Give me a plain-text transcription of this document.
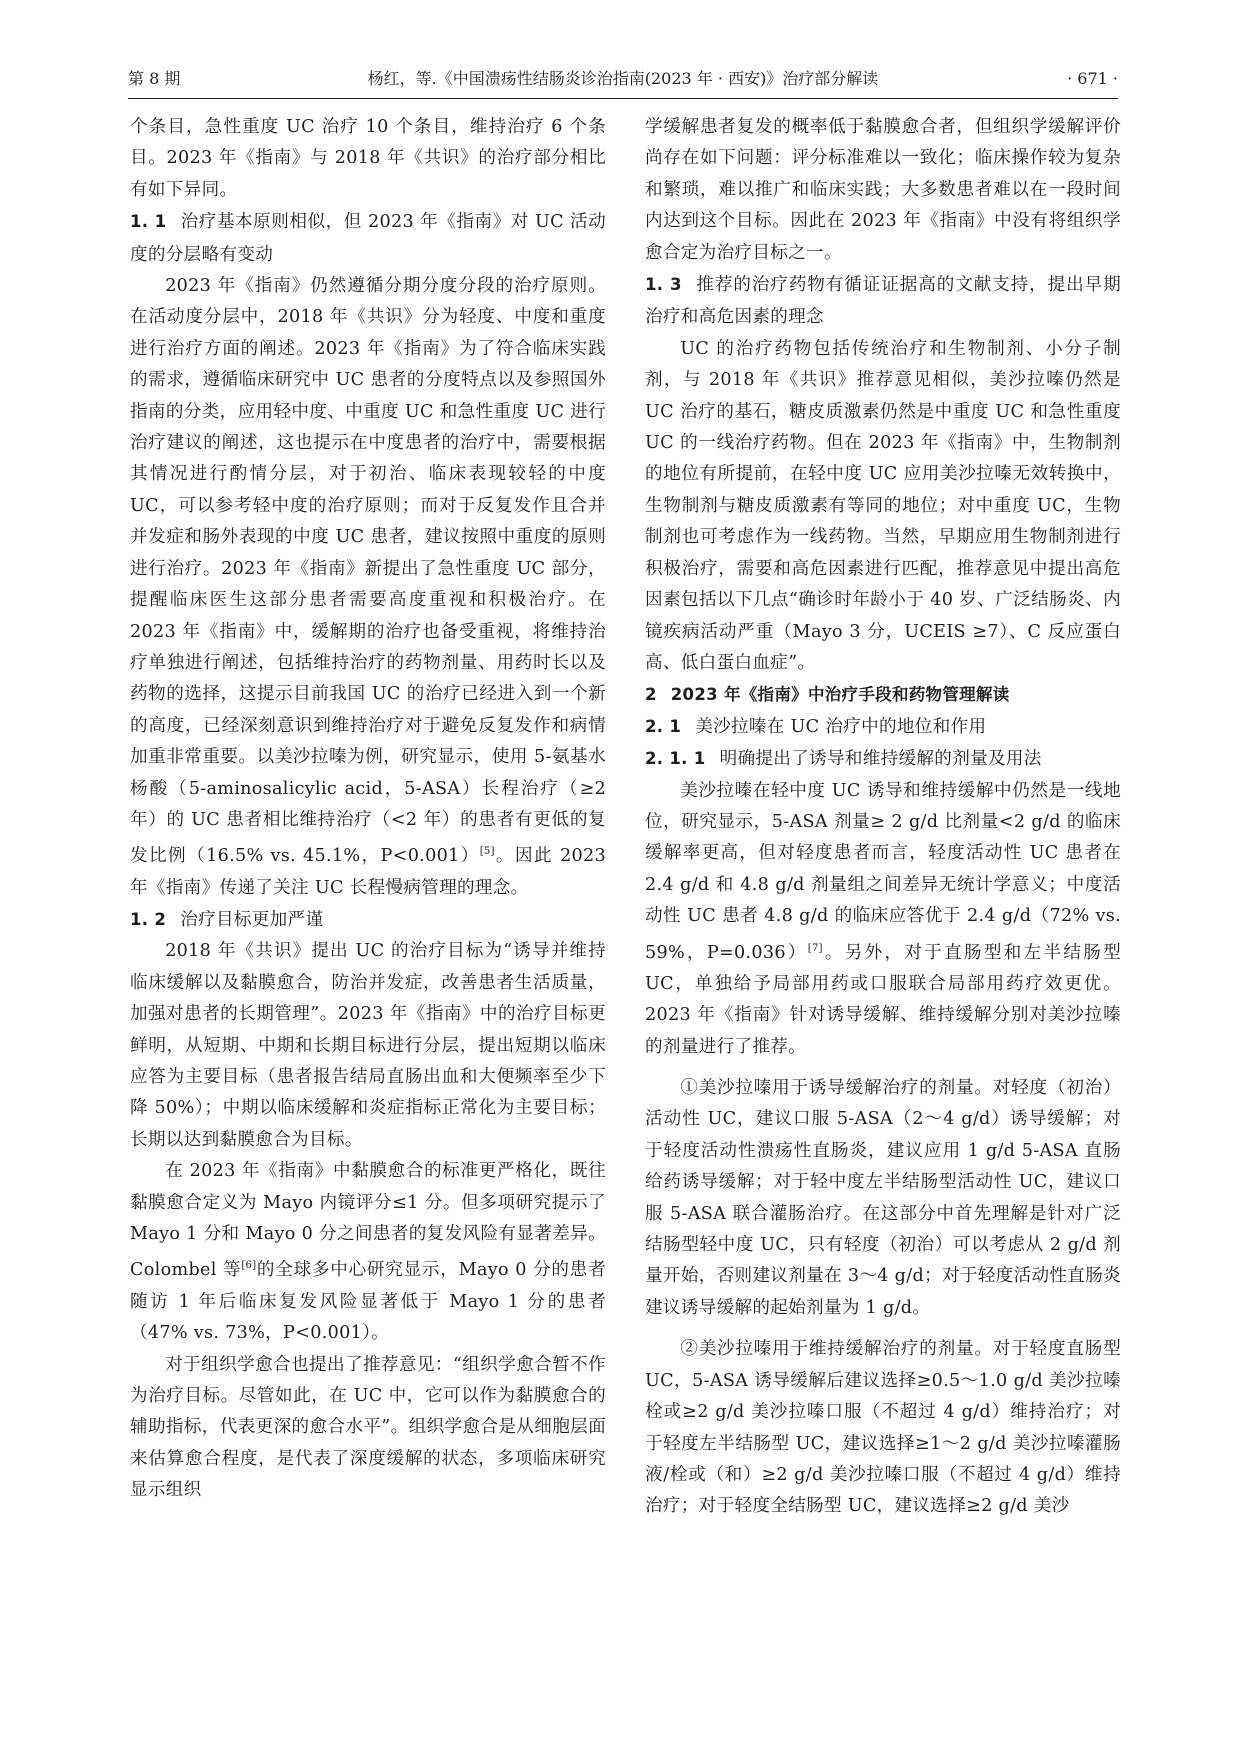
第 8 期	杨红，等.《中国溃疡性结肠炎诊治指南(2023 年 · 西安)》治疗部分解读	· 671 ·

个条目，急性重度 UC 治疗 10 个条目，维持治疗 6 个条目。2023 年《指南》与 2018 年《共识》的治疗部分相比有如下异同。

1. 1 治疗基本原则相似，但 2023 年《指南》对 UC 活动度的分层略有变动

2023 年《指南》仍然遵循分期分度分段的治疗原则。在活动度分层中，2018 年《共识》分为轻度、中度和重度进行治疗方面的阐述。2023 年《指南》为了符合临床实践的需求，遵循临床研究中 UC 患者的分度特点以及参照国外指南的分类，应用轻中度、中重度 UC 和急性重度 UC 进行治疗建议的阐述，这也提示在中度患者的治疗中，需要根据其情况进行酌情分层，对于初治、临床表现较轻的中度 UC，可以参考轻中度的治疗原则；而对于反复发作且合并并发症和肠外表现的中度 UC 患者，建议按照中重度的原则进行治疗。2023 年《指南》新提出了急性重度 UC 部分，提醒临床医生这部分患者需要高度重视和积极治疗。在 2023 年《指南》中，缓解期的治疗也备受重视，将维持治疗单独进行阐述，包括维持治疗的药物剂量、用药时长以及药物的选择，这提示目前我国 UC 的治疗已经进入到一个新的高度，已经深刻意识到维持治疗对于避免反复发作和病情加重非常重要。以美沙拉嗪为例，研究显示，使用 5-氨基水杨酸（5-aminosalicylic acid，5-ASA）长程治疗（≥2 年）的 UC 患者相比维持治疗（<2 年）的患者有更低的复发比例（16.5% vs. 45.1%，P<0.001）[5]。因此 2023 年《指南》传递了关注 UC 长程慢病管理的理念。

1. 2 治疗目标更加严谨

2018 年《共识》提出 UC 的治疗目标为“诱导并维持临床缓解以及黏膜愈合，防治并发症，改善患者生活质量，加强对患者的长期管理”。2023 年《指南》中的治疗目标更鲜明，从短期、中期和长期目标进行分层，提出短期以临床应答为主要目标（患者报告结局直肠出血和大便频率至少下降 50%）；中期以临床缓解和炎症指标正常化为主要目标；长期以达到黏膜愈合为目标。

在 2023 年《指南》中黏膜愈合的标准更严格化，既往黏膜愈合定义为 Mayo 内镜评分≤1 分。但多项研究提示了 Mayo 1 分和 Mayo 0 分之间患者的复发风险有显著差异。Colombel 等[6]的全球多中心研究显示，Mayo 0 分的患者随访 1 年后临床复发风险显著低于 Mayo 1 分的患者（47% vs. 73%，P<0.001）。

对于组织学愈合也提出了推荐意见：“组织学愈合暂不作为治疗目标。尽管如此，在 UC 中，它可以作为黏膜愈合的辅助指标，代表更深的愈合水平”。组织学愈合是从细胞层面来估算愈合程度，是代表了深度缓解的状态，多项临床研究显示组织

学缓解患者复发的概率低于黏膜愈合者，但组织学缓解评价尚存在如下问题：评分标准难以一致化；临床操作较为复杂和繁琐，难以推广和临床实践；大多数患者难以在一段时间内达到这个目标。因此在 2023 年《指南》中没有将组织学愈合定为治疗目标之一。

1. 3 推荐的治疗药物有循证证据高的文献支持，提出早期治疗和高危因素的理念

UC 的治疗药物包括传统治疗和生物制剂、小分子制剂，与 2018 年《共识》推荐意见相似，美沙拉嗪仍然是 UC 治疗的基石，糖皮质激素仍然是中重度 UC 和急性重度 UC 的一线治疗药物。但在 2023 年《指南》中，生物制剂的地位有所提前，在轻中度 UC 应用美沙拉嗪无效转换中，生物制剂与糖皮质激素有等同的地位；对中重度 UC，生物制剂也可考虑作为一线药物。当然，早期应用生物制剂进行积极治疗，需要和高危因素进行匹配，推荐意见中提出高危因素包括以下几点“确诊时年龄小于 40 岁、广泛结肠炎、内镜疾病活动严重（Mayo 3 分，UCEIS ≥7）、C 反应蛋白高、低白蛋白血症”。

2 2023 年《指南》中治疗手段和药物管理解读
2. 1 美沙拉嗪在 UC 治疗中的地位和作用
2. 1. 1 明确提出了诱导和维持缓解的剂量及用法

美沙拉嗪在轻中度 UC 诱导和维持缓解中仍然是一线地位，研究显示，5-ASA 剂量≥ 2 g/d 比剂量<2 g/d 的临床缓解率更高，但对轻度患者而言，轻度活动性 UC 患者在 2.4 g/d 和 4.8 g/d 剂量组之间差异无统计学意义；中度活动性 UC 患者 4.8 g/d 的临床应答优于 2.4 g/d（72% vs. 59%，P=0.036）[7]。另外，对于直肠型和左半结肠型 UC，单独给予局部用药或口服联合局部用药疗效更优。2023 年《指南》针对诱导缓解、维持缓解分别对美沙拉嗪的剂量进行了推荐。

①美沙拉嗪用于诱导缓解治疗的剂量。对轻度（初治）活动性 UC，建议口服 5-ASA（2～4 g/d）诱导缓解；对于轻度活动性溃疡性直肠炎，建议应用 1 g/d 5-ASA 直肠给药诱导缓解；对于轻中度左半结肠型活动性 UC，建议口服 5-ASA 联合灌肠治疗。在这部分中首先理解是针对广泛结肠型轻中度 UC，只有轻度（初治）可以考虑从 2 g/d 剂量开始，否则建议剂量在 3～4 g/d；对于轻度活动性直肠炎建议诱导缓解的起始剂量为 1 g/d。

②美沙拉嗪用于维持缓解治疗的剂量。对于轻度直肠型 UC，5-ASA 诱导缓解后建议选择≥0.5～1.0 g/d 美沙拉嗪栓或≥2 g/d 美沙拉嗪口服（不超过 4 g/d）维持治疗；对于轻度左半结肠型 UC，建议选择≥1～2 g/d 美沙拉嗪灌肠液/栓或（和）≥2 g/d 美沙拉嗪口服（不超过 4 g/d）维持治疗；对于轻度全结肠型 UC，建议选择≥2 g/d 美沙
